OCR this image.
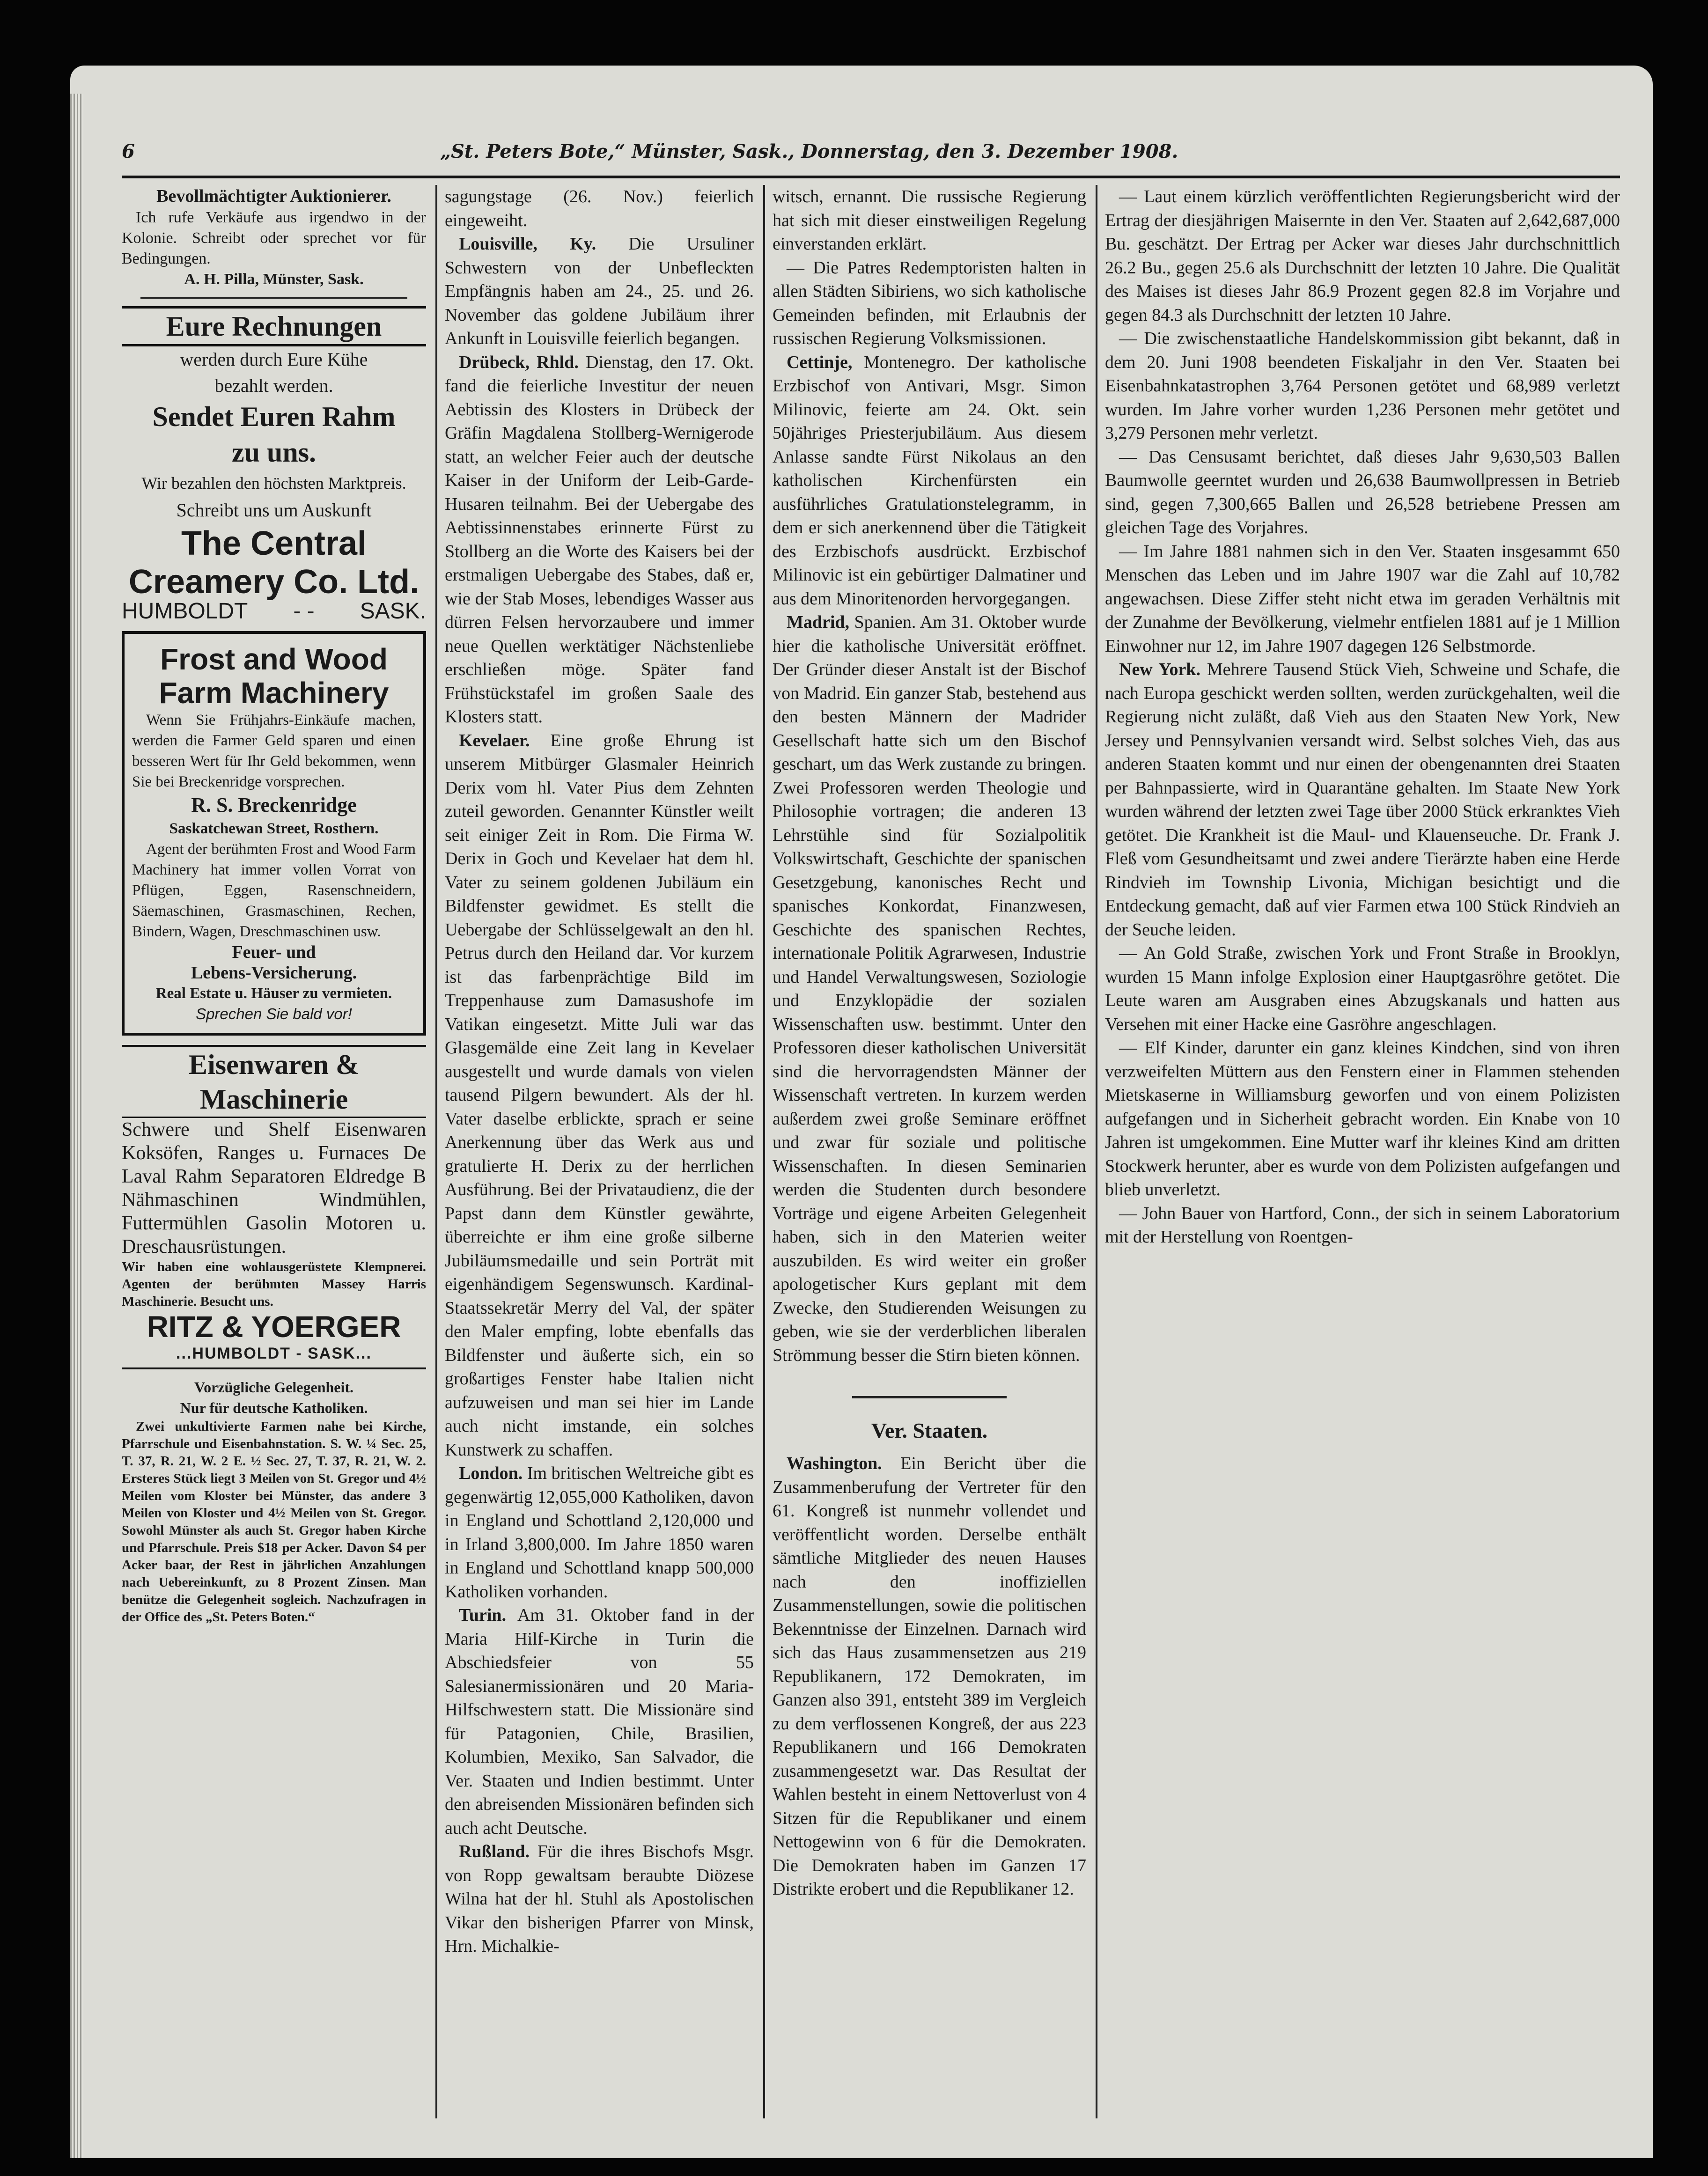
6	„St. Peters Bote,“ Münster, Sask., Donnerstag, den 3. Dezember 1908.
Bevollmächtigter Auktionierer.

Ich rufe Verkäufe aus irgendwo in der Kolonie. Schreibt oder sprechet vor für Bedingungen.

A. H. Pilla, Münster, Sask.
Eure Rechnungen
werden durch Eure Kühe
bezahlt werden.
Sendet Euren Rahm
zu uns.
Wir bezahlen den höchsten Marktpreis.
Schreibt uns um Auskunft
The Central
Creamery Co. Ltd.
HUMBOLDT - - SASK.
Frost and Wood Farm Machinery

Wenn Sie Frühjahrs-Einkäufe machen, werden die Farmer Geld sparen und einen besseren Wert für Ihr Geld bekommen, wenn Sie bei Breckenridge vorsprechen.

R. S. Breckenridge
Saskatchewan Street, Rosthern.

Agent der berühmten Frost and Wood Farm Machinery hat immer vollen Vorrat von Pflügen, Eggen, Rasenschneidern, Säemaschinen, Grasmaschinen, Rechen, Bindern, Wagen, Dreschmaschinen usw.

Feuer- und
Lebens-Versicherung.
Real Estate u. Häuser zu vermieten.
Sprechen Sie bald vor!
Eisenwaren & Maschinerie
Schwere und Shelf Eisenwaren Koksöfen, Ranges u. Furnaces De Laval Rahm Separatoren Eldredge B Nähmaschinen Windmühlen, Futtermühlen Gasolin Motoren u. Dreschausrüstungen.
Wir haben eine wohlausgerüstete Klempnerei. Agenten der berühmten Massey Harris Maschinerie. Besucht uns.
RITZ & YOERGER
...HUMBOLDT - SASK...
Vorzügliche Gelegenheit.
Nur für deutsche Katholiken.

Zwei unkultivierte Farmen nahe bei Kirche, Pfarrschule und Eisenbahnstation. S. W. ¼ Sec. 25, T. 37, R. 21, W. 2 E. ½ Sec. 27, T. 37, R. 21, W. 2. Ersteres Stück liegt 3 Meilen von St. Gregor und 4½ Meilen vom Kloster bei Münster, das andere 3 Meilen von Kloster und 4½ Meilen von St. Gregor. Sowohl Münster als auch St. Gregor haben Kirche und Pfarrschule. Preis $18 per Acker. Davon $4 per Acker baar, der Rest in jährlichen Anzahlungen nach Uebereinkunft, zu 8 Prozent Zinsen. Man benütze die Gelegenheit sogleich. Nachzufragen in der Office des „St. Peters Boten.“

sagungstage (26. Nov.) feierlich eingeweiht.

Louisville, Ky. Die Ursuliner Schwestern von der Unbefleckten Empfängnis haben am 24., 25. und 26. November das goldene Jubiläum ihrer Ankunft in Louisville feierlich begangen.

Drübeck, Rhld. Dienstag, den 17. Okt. fand die feierliche Investitur der neuen Aebtissin des Klosters in Drübeck der Gräfin Magdalena Stollberg-Wernigerode statt, an welcher Feier auch der deutsche Kaiser in der Uniform der Leib-Garde-Husaren teilnahm. Bei der Uebergabe des Aebtissinnenstabes erinnerte Fürst zu Stollberg an die Worte des Kaisers bei der erstmaligen Uebergabe des Stabes, daß er, wie der Stab Moses, lebendiges Wasser aus dürren Felsen hervorzaubere und immer neue Quellen werktätiger Nächstenliebe erschließen möge. Später fand Frühstückstafel im großen Saale des Klosters statt.

Kevelaer. Eine große Ehrung ist unserem Mitbürger Glasmaler Heinrich Derix vom hl. Vater Pius dem Zehnten zuteil geworden. Genannter Künstler weilt seit einiger Zeit in Rom. Die Firma W. Derix in Goch und Kevelaer hat dem hl. Vater zu seinem goldenen Jubiläum ein Bildfenster gewidmet. Es stellt die Uebergabe der Schlüsselgewalt an den hl. Petrus durch den Heiland dar. Vor kurzem ist das farbenprächtige Bild im Treppenhause zum Damasushofe im Vatikan eingesetzt. Mitte Juli war das Glasgemälde eine Zeit lang in Kevelaer ausgestellt und wurde damals von vielen tausend Pilgern bewundert. Als der hl. Vater daselbe erblickte, sprach er seine Anerkennung über das Werk aus und gratulierte H. Derix zu der herrlichen Ausführung. Bei der Privataudienz, die der Papst dann dem Künstler gewährte, überreichte er ihm eine große silberne Jubiläumsmedaille und sein Porträt mit eigenhändigem Segenswunsch. Kardinal-Staatssekretär Merry del Val, der später den Maler empfing, lobte ebenfalls das Bildfenster und äußerte sich, ein so großartiges Fenster habe Italien nicht aufzuweisen und man sei hier im Lande auch nicht imstande, ein solches Kunstwerk zu schaffen.

London. Im britischen Weltreiche gibt es gegenwärtig 12,055,000 Katholiken, davon in England und Schottland 2,120,000 und in Irland 3,800,000. Im Jahre 1850 waren in England und Schottland knapp 500,000 Katholiken vorhanden.

Turin. Am 31. Oktober fand in der Maria Hilf-Kirche in Turin die Abschiedsfeier von 55 Salesianermissionären und 20 Maria-Hilfschwestern statt. Die Missionäre sind für Patagonien, Chile, Brasilien, Kolumbien, Mexiko, San Salvador, die Ver. Staaten und Indien bestimmt. Unter den abreisenden Missionären befinden sich auch acht Deutsche.

Rußland. Für die ihres Bischofs Msgr. von Ropp gewaltsam beraubte Diözese Wilna hat der hl. Stuhl als Apostolischen Vikar den bisherigen Pfarrer von Minsk, Hrn. Michalkie-

witsch, ernannt. Die russische Regierung hat sich mit dieser einstweiligen Regelung einverstanden erklärt.

— Die Patres Redemptoristen halten in allen Städten Sibiriens, wo sich katholische Gemeinden befinden, mit Erlaubnis der russischen Regierung Volksmissionen.

Cettinje, Montenegro. Der katholische Erzbischof von Antivari, Msgr. Simon Milinovic, feierte am 24. Okt. sein 50jähriges Priesterjubiläum. Aus diesem Anlasse sandte Fürst Nikolaus an den katholischen Kirchenfürsten ein ausführliches Gratulationstelegramm, in dem er sich anerkennend über die Tätigkeit des Erzbischofs ausdrückt. Erzbischof Milinovic ist ein gebürtiger Dalmatiner und aus dem Minoritenorden hervorgegangen.

Madrid, Spanien. Am 31. Oktober wurde hier die katholische Universität eröffnet. Der Gründer dieser Anstalt ist der Bischof von Madrid. Ein ganzer Stab, bestehend aus den besten Männern der Madrider Gesellschaft hatte sich um den Bischof geschart, um das Werk zustande zu bringen. Zwei Professoren werden Theologie und Philosophie vortragen; die anderen 13 Lehrstühle sind für Sozialpolitik Volkswirtschaft, Geschichte der spanischen Gesetzgebung, kanonisches Recht und spanisches Konkordat, Finanzwesen, Geschichte des spanischen Rechtes, internationale Politik Agrarwesen, Industrie und Handel Verwaltungswesen, Soziologie und Enzyklopädie der sozialen Wissenschaften usw. bestimmt. Unter den Professoren dieser katholischen Universität sind die hervorragendsten Männer der Wissenschaft vertreten. In kurzem werden außerdem zwei große Seminare eröffnet und zwar für soziale und politische Wissenschaften. In diesen Seminarien werden die Studenten durch besondere Vorträge und eigene Arbeiten Gelegenheit haben, sich in den Materien weiter auszubilden. Es wird weiter ein großer apologetischer Kurs geplant mit dem Zwecke, den Studierenden Weisungen zu geben, wie sie der verderblichen liberalen Strömmung besser die Stirn bieten können.

Ver. Staaten.

Washington. Ein Bericht über die Zusammenberufung der Vertreter für den 61. Kongreß ist nunmehr vollendet und veröffentlicht worden. Derselbe enthält sämtliche Mitglieder des neuen Hauses nach den inoffiziellen Zusammenstellungen, sowie die politischen Bekenntnisse der Einzelnen. Darnach wird sich das Haus zusammensetzen aus 219 Republikanern, 172 Demokraten, im Ganzen also 391, entsteht 389 im Vergleich zu dem verflossenen Kongreß, der aus 223 Republikanern und 166 Demokraten zusammengesetzt war. Das Resultat der Wahlen besteht in einem Nettoverlust von 4 Sitzen für die Republikaner und einem Nettogewinn von 6 für die Demokraten. Die Demokraten haben im Ganzen 17 Distrikte erobert und die Republikaner 12.

— Laut einem kürzlich veröffentlichten Regierungsbericht wird der Ertrag der diesjährigen Maisernte in den Ver. Staaten auf 2,642,687,000 Bu. geschätzt. Der Ertrag per Acker war dieses Jahr durchschnittlich 26.2 Bu., gegen 25.6 als Durchschnitt der letzten 10 Jahre. Die Qualität des Maises ist dieses Jahr 86.9 Prozent gegen 82.8 im Vorjahre und gegen 84.3 als Durchschnitt der letzten 10 Jahre.

— Die zwischenstaatliche Handelskommission gibt bekannt, daß in dem 20. Juni 1908 beendeten Fiskaljahr in den Ver. Staaten bei Eisenbahnkatastrophen 3,764 Personen getötet und 68,989 verletzt wurden. Im Jahre vorher wurden 1,236 Personen mehr getötet und 3,279 Personen mehr verletzt.

— Das Censusamt berichtet, daß dieses Jahr 9,630,503 Ballen Baumwolle geerntet wurden und 26,638 Baumwollpressen in Betrieb sind, gegen 7,300,665 Ballen und 26,528 betriebene Pressen am gleichen Tage des Vorjahres.

— Im Jahre 1881 nahmen sich in den Ver. Staaten insgesammt 650 Menschen das Leben und im Jahre 1907 war die Zahl auf 10,782 angewachsen. Diese Ziffer steht nicht etwa im geraden Verhältnis mit der Zunahme der Bevölkerung, vielmehr entfielen 1881 auf je 1 Million Einwohner nur 12, im Jahre 1907 dagegen 126 Selbstmorde.

New York. Mehrere Tausend Stück Vieh, Schweine und Schafe, die nach Europa geschickt werden sollten, werden zurückgehalten, weil die Regierung nicht zuläßt, daß Vieh aus den Staaten New York, New Jersey und Pennsylvanien versandt wird. Selbst solches Vieh, das aus anderen Staaten kommt und nur einen der obengenannten drei Staaten per Bahnpassierte, wird in Quarantäne gehalten. Im Staate New York wurden während der letzten zwei Tage über 2000 Stück erkranktes Vieh getötet. Die Krankheit ist die Maul- und Klauenseuche. Dr. Frank J. Fleß vom Gesundheitsamt und zwei andere Tierärzte haben eine Herde Rindvieh im Township Livonia, Michigan besichtigt und die Entdeckung gemacht, daß auf vier Farmen etwa 100 Stück Rindvieh an der Seuche leiden.

— An Gold Straße, zwischen York und Front Straße in Brooklyn, wurden 15 Mann infolge Explosion einer Hauptgasröhre getötet. Die Leute waren am Ausgraben eines Abzugskanals und hatten aus Versehen mit einer Hacke eine Gasröhre angeschlagen.

— Elf Kinder, darunter ein ganz kleines Kindchen, sind von ihren verzweifelten Müttern aus den Fenstern einer in Flammen stehenden Mietskaserne in Williamsburg geworfen und von einem Polizisten aufgefangen und in Sicherheit gebracht worden. Ein Knabe von 10 Jahren ist umgekommen. Eine Mutter warf ihr kleines Kind am dritten Stockwerk herunter, aber es wurde von dem Polizisten aufgefangen und blieb unverletzt.

— John Bauer von Hartford, Conn., der sich in seinem Laboratorium mit der Herstellung von Roentgen-
